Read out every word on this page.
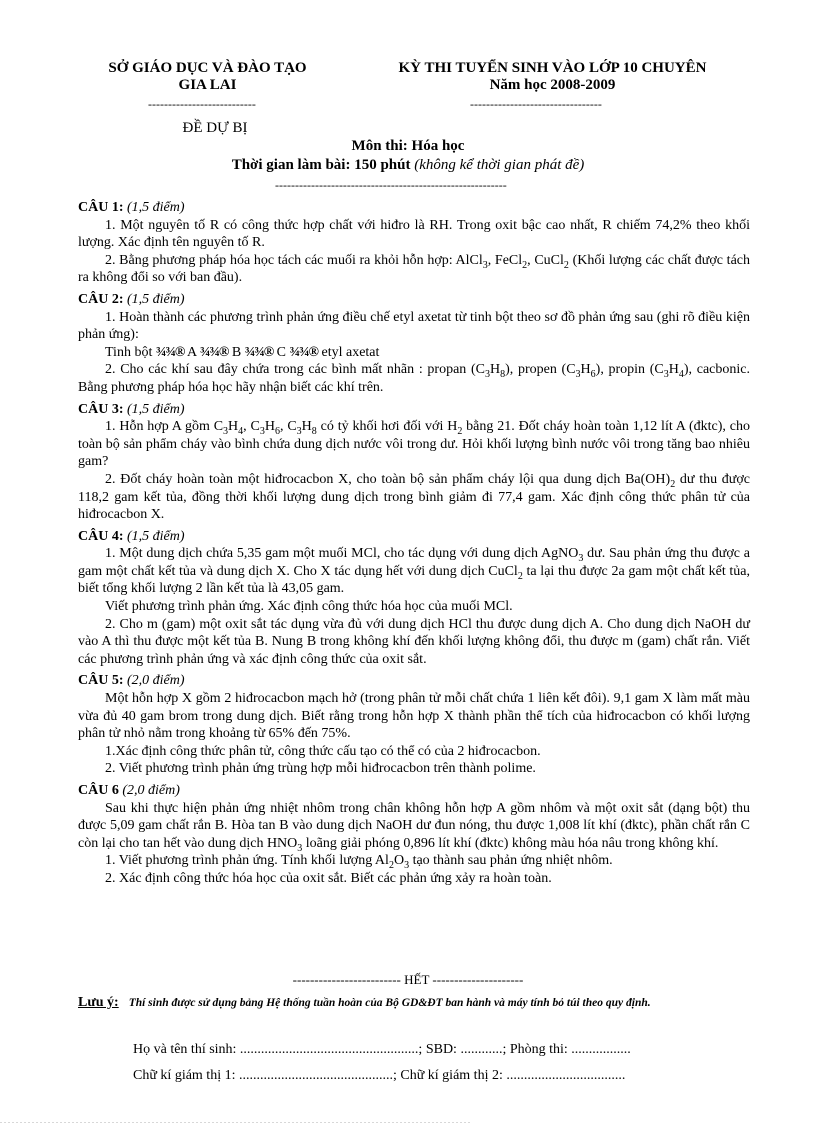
SỞ GIÁO DỤC VÀ ĐÀO TẠO
GIA LAI
---------------------------
KỲ THI TUYỂN SINH VÀO LỚP 10 CHUYÊN
Năm học 2008-2009
---------------------------------
ĐỀ DỰ BỊ
Môn thi: Hóa học
Thời gian làm bài: 150 phút (không kể thời gian phát đề)
----------------------------------------------------------
CÂU 1: (1,5 điểm)

1. Một nguyên tố R có công thức hợp chất với hiđro là RH. Trong oxit bậc cao nhất, R chiếm 74,2% theo khối lượng. Xác định tên nguyên tố R.

2. Bằng phương pháp hóa học tách các muối ra khỏi hỗn hợp: AlCl$_3$, FeCl$_2$, CuCl$_2$ (Khối lượng các chất được tách ra không đổi so với ban đầu).

CÂU 2: (1,5 điểm)

1. Hoàn thành các phương trình phản ứng điều chế etyl axetat từ tinh bột theo sơ đồ phản ứng sau (ghi rõ điều kiện phản ứng):

Tinh bột ¾¾® A ¾¾® B ¾¾® C ¾¾® etyl axetat

2. Cho các khí sau đây chứa trong các bình mất nhãn : propan $(C_3H_8)$, propen $(C_3H_6)$, propin $(C_3H_4)$, cacbonic. Bằng phương pháp hóa học hãy nhận biết các khí trên.

CÂU 3: (1,5 điểm)

1. Hỗn hợp A gồm $C_3H_4$, $C_3H_6$, $C_3H_8$ có tỷ khối hơi đối với $H_2$ bằng 21. Đốt cháy hoàn toàn 1,12 lít A (đktc), cho toàn bộ sản phẩm cháy vào bình chứa dung dịch nước vôi trong dư. Hỏi khối lượng bình nước vôi trong tăng bao nhiêu gam?

2. Đốt cháy hoàn toàn một hiđrocacbon X, cho toàn bộ sản phẩm cháy lội qua dung dịch $Ba(OH)_2$ dư thu được 118,2 gam kết tủa, đồng thời khối lượng dung dịch trong bình giảm đi 77,4 gam. Xác định công thức phân tử của hiđrocacbon X.

CÂU 4: (1,5 điểm)

1. Một dung dịch chứa 5,35 gam một muối MCl, cho tác dụng với dung dịch AgNO$_3$ dư. Sau phản ứng thu được a gam một chất kết tủa và dung dịch X. Cho X tác dụng hết với dung dịch CuCl$_2$ ta lại thu được 2a gam một chất kết tủa, biết tổng khối lượng 2 lần kết tủa là 43,05 gam.

Viết phương trình phản ứng. Xác định công thức hóa học của muối MCl.

2. Cho m (gam) một oxit sắt tác dụng vừa đủ với dung dịch HCl thu được dung dịch A. Cho dung dịch NaOH dư vào A thì thu được một kết tủa B. Nung B trong không khí đến khối lượng không đổi, thu được m (gam) chất rắn. Viết các phương trình phản ứng và xác định công thức của oxit sắt.

CÂU 5: (2,0 điểm)

Một hỗn hợp X gồm 2 hiđrocacbon mạch hở (trong phân tử mỗi chất chứa 1 liên kết đôi). 9,1 gam X làm mất màu vừa đủ 40 gam brom trong dung dịch. Biết rằng trong hỗn hợp X thành phần thể tích của hiđrocacbon có khối lượng phân tử nhỏ nằm trong khoảng từ 65% đến 75%.

1.Xác định công thức phân tử, công thức cấu tạo có thể có của 2 hiđrocacbon.

2. Viết phương trình phản ứng trùng hợp mỗi hiđrocacbon trên thành polime.

CÂU 6 (2,0 điểm)

Sau khi thực hiện phản ứng nhiệt nhôm trong chân không hỗn hợp A gồm nhôm và một oxit sắt (dạng bột) thu được 5,09 gam chất rắn B. Hòa tan B vào dung dịch NaOH dư đun nóng, thu được 1,008 lít khí (đktc), phần chất rắn C còn lại cho tan hết vào dung dịch $HNO_3$ loãng giải phóng 0,896 lít khí (đktc) không màu hóa nâu trong không khí.

1. Viết phương trình phản ứng. Tính khối lượng $Al_2O_3$ tạo thành sau phản ứng nhiệt nhôm.

2. Xác định công thức hóa học của oxit sắt. Biết các phản ứng xảy ra hoàn toàn.

------------------------- HẾT ---------------------
Lưu ý: Thí sinh được sử dụng bảng Hệ thống tuần hoàn của Bộ GD&ĐT ban hành và máy tính bỏ túi theo quy định.
Họ và tên thí sinh: ...................................................; SBD: ............; Phòng thi: .................
Chữ kí giám thị 1: ............................................; Chữ kí giám thị 2: ..................................
. . . . . . . . . . . . . . . . . . . . . . . . . . . . . . . . . . . . . . . . . . . . . . . . . . . . . . . . . . . . . . . . . . . . . . . . . . . . . . . . . . . . . . . . . . . . . . . . . . . . . . . . . . . . . . . . . . . . . .
